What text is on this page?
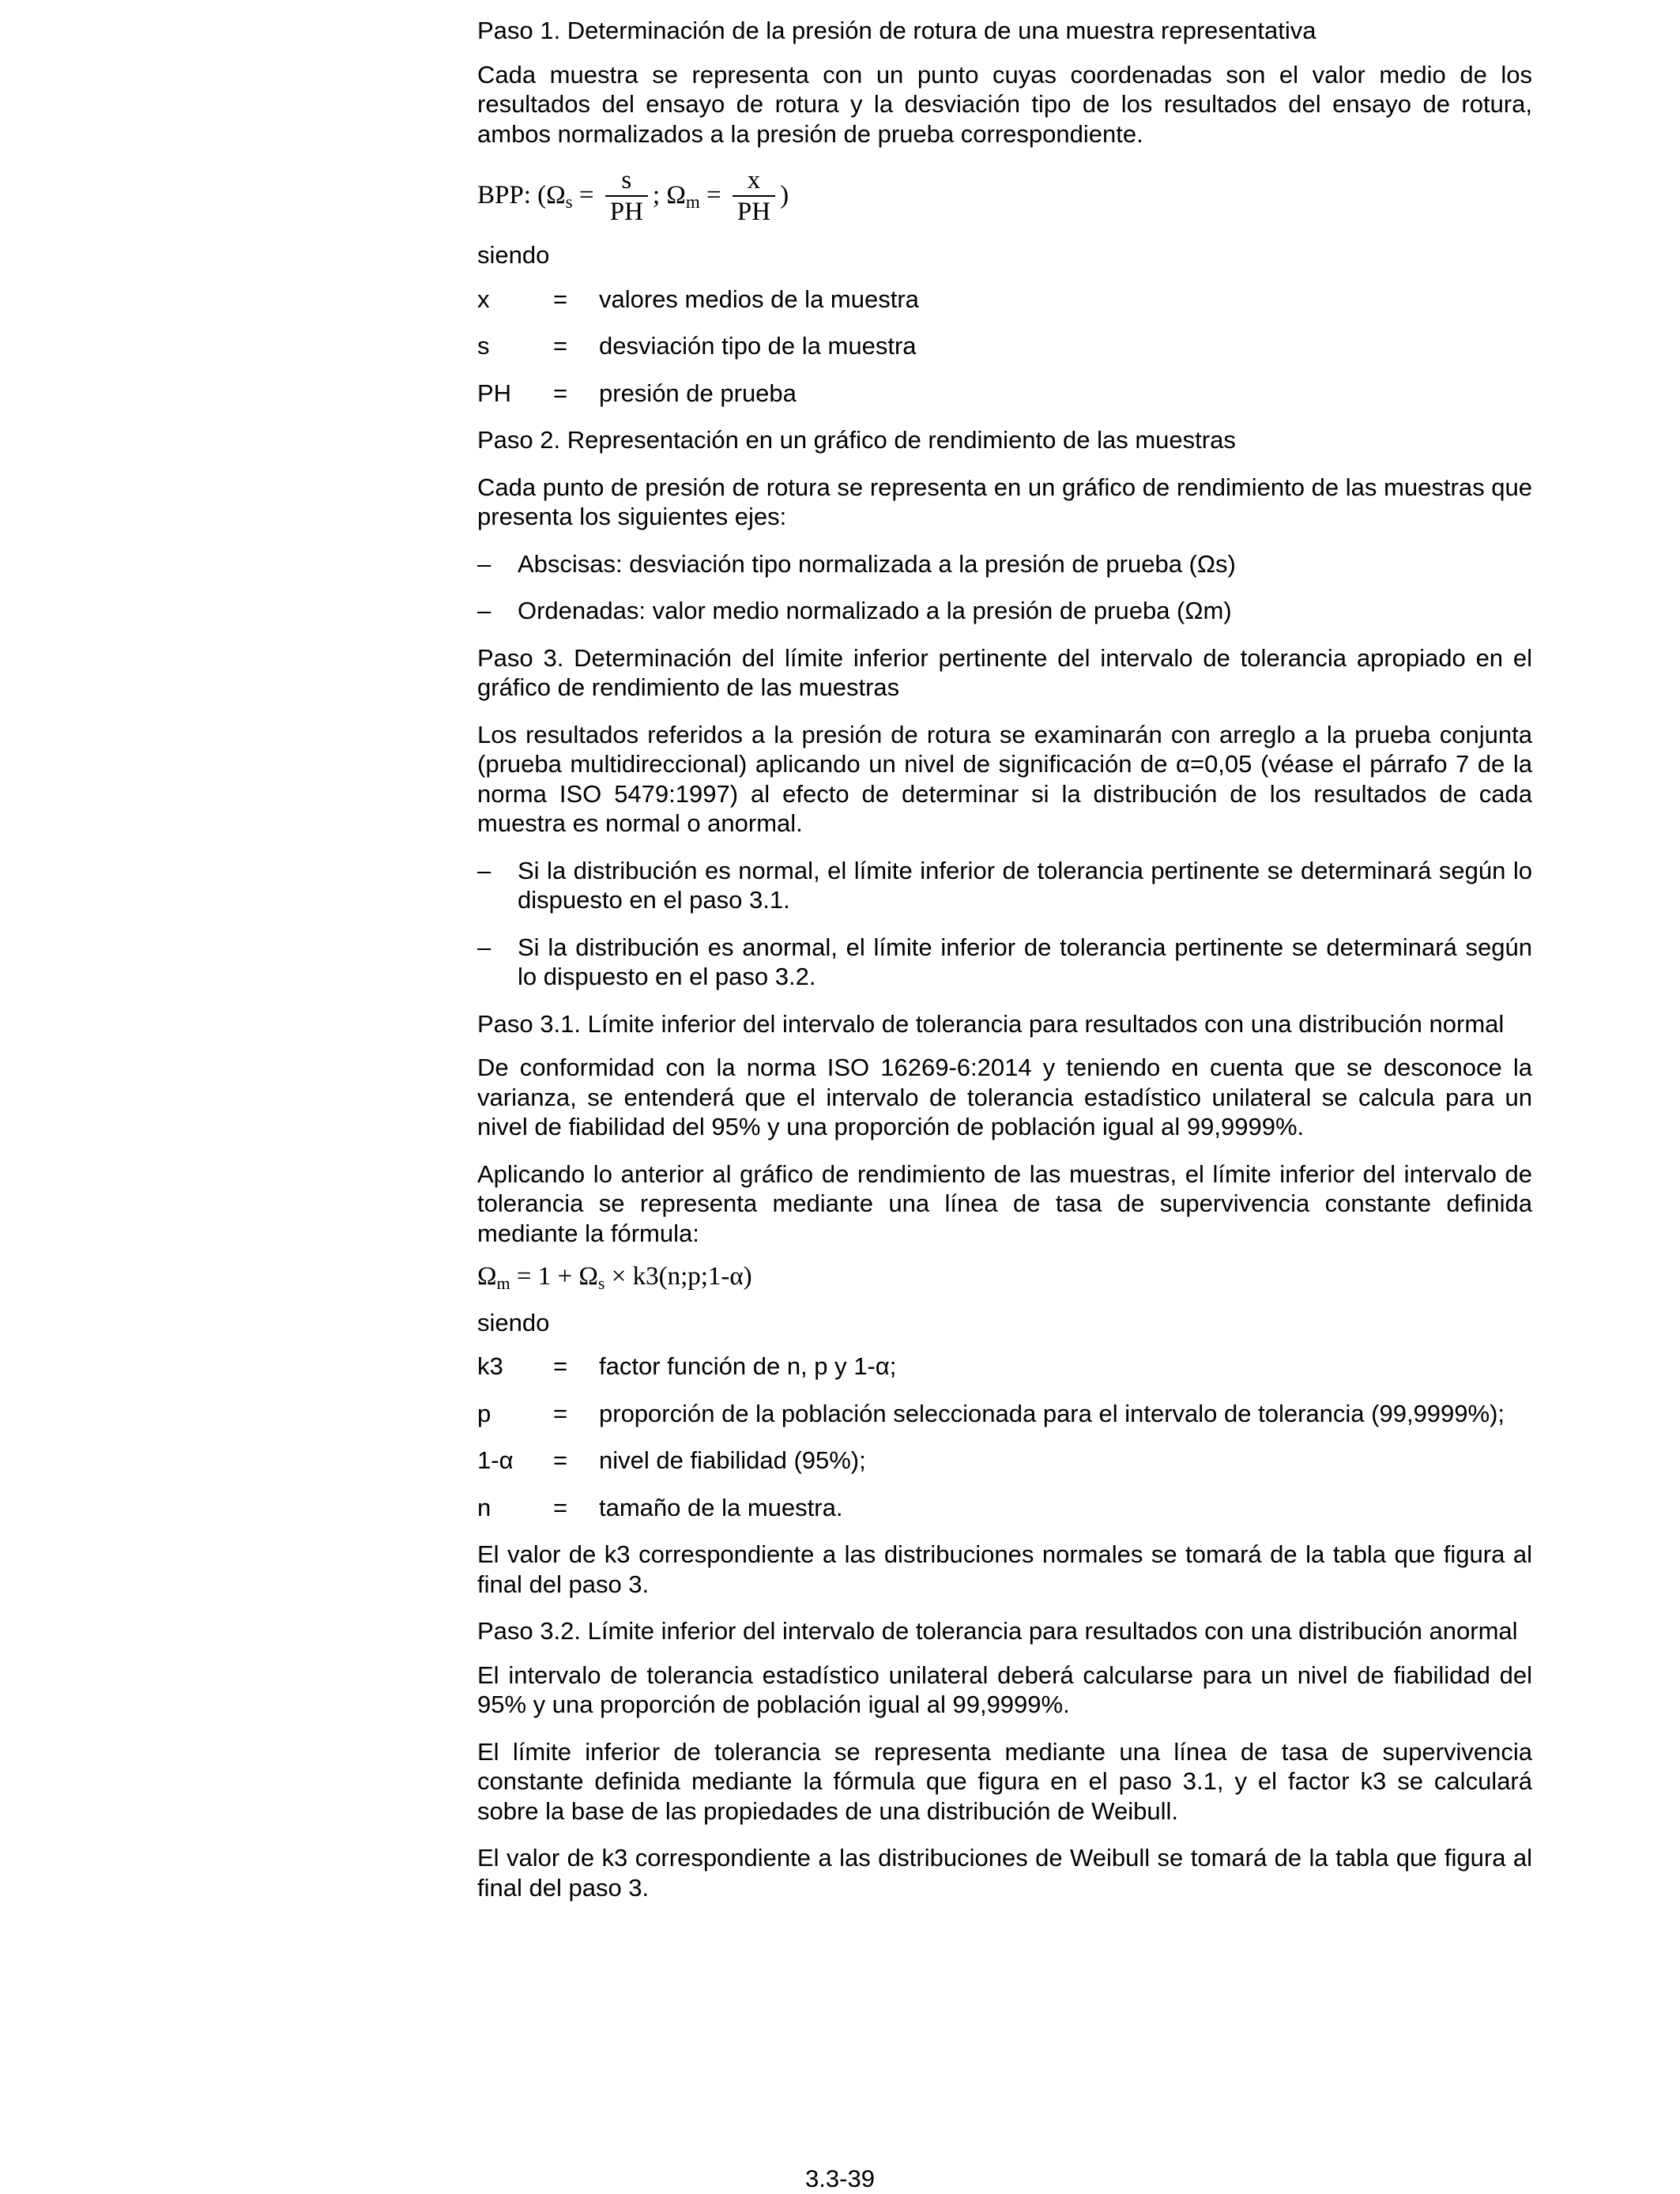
Paso 1. Determinación de la presión de rotura de una muestra representativa

Cada muestra se representa con un punto cuyas coordenadas son el valor medio de los resultados del ensayo de rotura y la desviación tipo de los resultados del ensayo de rotura, ambos normalizados a la presión de prueba correspondiente.

BPP: (Ω $s = \frac{s}{PH}$ ; Ω $m = \frac{x}{PH}$ )

siendo

x	=	valores medios de la muestra
s	=	desviación tipo de la muestra
PH	=	presión de prueba

Paso 2. Representación en un gráfico de rendimiento de las muestras

Cada punto de presión de rotura se representa en un gráfico de rendimiento de las muestras que presenta los siguientes ejes:

–	Abscisas: desviación tipo normalizada a la presión de prueba (Ωs)
–	Ordenadas: valor medio normalizado a la presión de prueba (Ωm)

Paso 3. Determinación del límite inferior pertinente del intervalo de tolerancia apropiado en el gráfico de rendimiento de las muestras

Los resultados referidos a la presión de rotura se examinarán con arreglo a la prueba conjunta (prueba multidireccional) aplicando un nivel de significación de α=0,05 (véase el párrafo 7 de la norma ISO 5479:1997) al efecto de determinar si la distribución de los resultados de cada muestra es normal o anormal.

–	Si la distribución es normal, el límite inferior de tolerancia pertinente se determinará según lo dispuesto en el paso 3.1.
–	Si la distribución es anormal, el límite inferior de tolerancia pertinente se determinará según lo dispuesto en el paso 3.2.

Paso 3.1. Límite inferior del intervalo de tolerancia para resultados con una distribución normal

De conformidad con la norma ISO 16269-6:2014 y teniendo en cuenta que se desconoce la varianza, se entenderá que el intervalo de tolerancia estadístico unilateral se calcula para un nivel de fiabilidad del 95% y una proporción de población igual al 99,9999%.

Aplicando lo anterior al gráfico de rendimiento de las muestras, el límite inferior del intervalo de tolerancia se representa mediante una línea de tasa de supervivencia constante definida mediante la fórmula:

Ωm = 1 + Ωs × k3(n;p;1-α)

siendo

k3	=	factor función de n, p y 1-α;
p	=	proporción de la población seleccionada para el intervalo de tolerancia (99,9999%);
1-α	=	nivel de fiabilidad (95%);
n	=	tamaño de la muestra.

El valor de k3 correspondiente a las distribuciones normales se tomará de la tabla que figura al final del paso 3.

Paso 3.2. Límite inferior del intervalo de tolerancia para resultados con una distribución anormal

El intervalo de tolerancia estadístico unilateral deberá calcularse para un nivel de fiabilidad del 95% y una proporción de población igual al 99,9999%.

El límite inferior de tolerancia se representa mediante una línea de tasa de supervivencia constante definida mediante la fórmula que figura en el paso 3.1, y el factor k3 se calculará sobre la base de las propiedades de una distribución de Weibull.

El valor de k3 correspondiente a las distribuciones de Weibull se tomará de la tabla que figura al final del paso 3.

3.3-39
